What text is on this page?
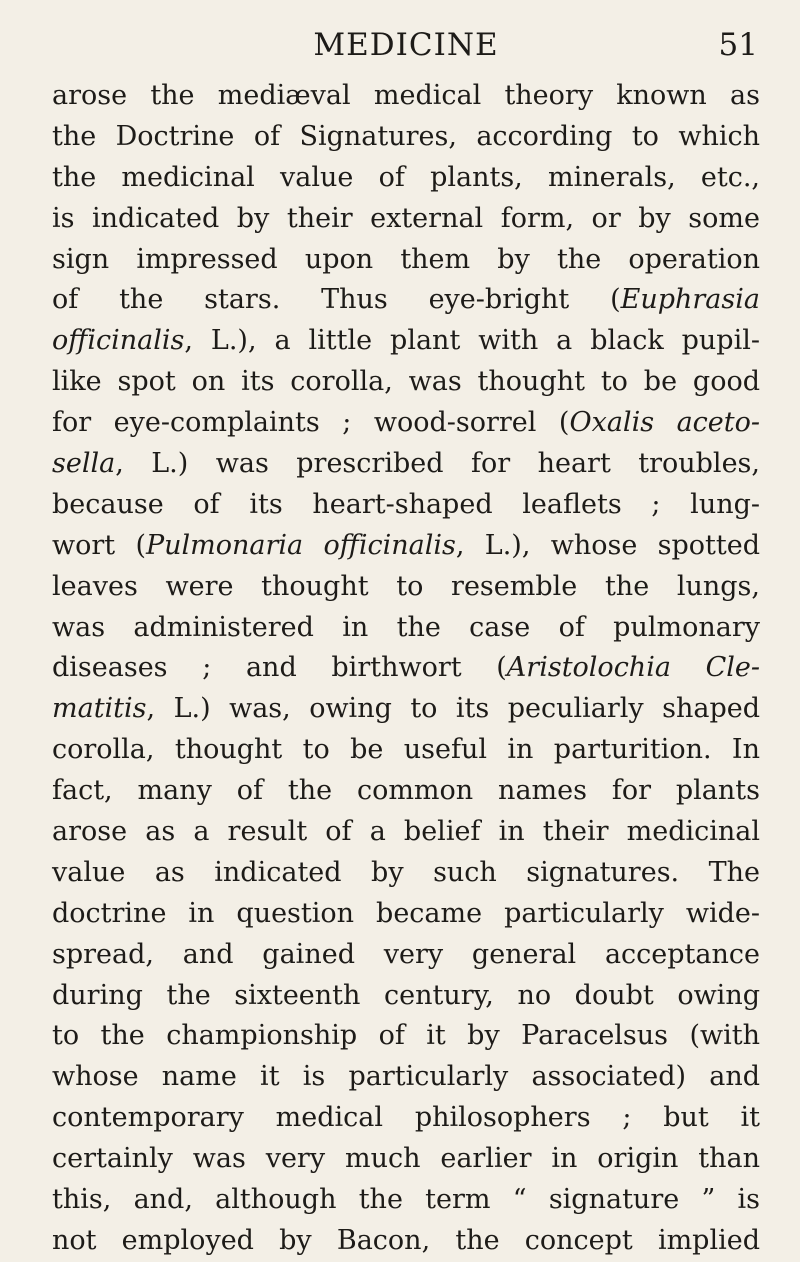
MEDICINE	51
arose the mediæval medical theory known as
the Doctrine of Signatures, according to which
the medicinal value of plants, minerals, etc.,
is indicated by their external form, or by some
sign impressed upon them by the operation
of the stars. Thus eye-bright (Euphrasia
officinalis, L.), a little plant with a black pupil-
like spot on its corolla, was thought to be good
for eye-complaints ; wood-sorrel (Oxalis aceto-
sella, L.) was prescribed for heart troubles,
because of its heart-shaped leaflets ; lung-
wort (Pulmonaria officinalis, L.), whose spotted
leaves were thought to resemble the lungs,
was administered in the case of pulmonary
diseases ; and birthwort (Aristolochia Cle-
matitis, L.) was, owing to its peculiarly shaped
corolla, thought to be useful in parturition. In
fact, many of the common names for plants
arose as a result of a belief in their medicinal
value as indicated by such signatures. The
doctrine in question became particularly wide-
spread, and gained very general acceptance
during the sixteenth century, no doubt owing
to the championship of it by Paracelsus (with
whose name it is particularly associated) and
contemporary medical philosophers ; but it
certainly was very much earlier in origin than
this, and, although the term “ signature ” is
not employed by Bacon, the concept implied
